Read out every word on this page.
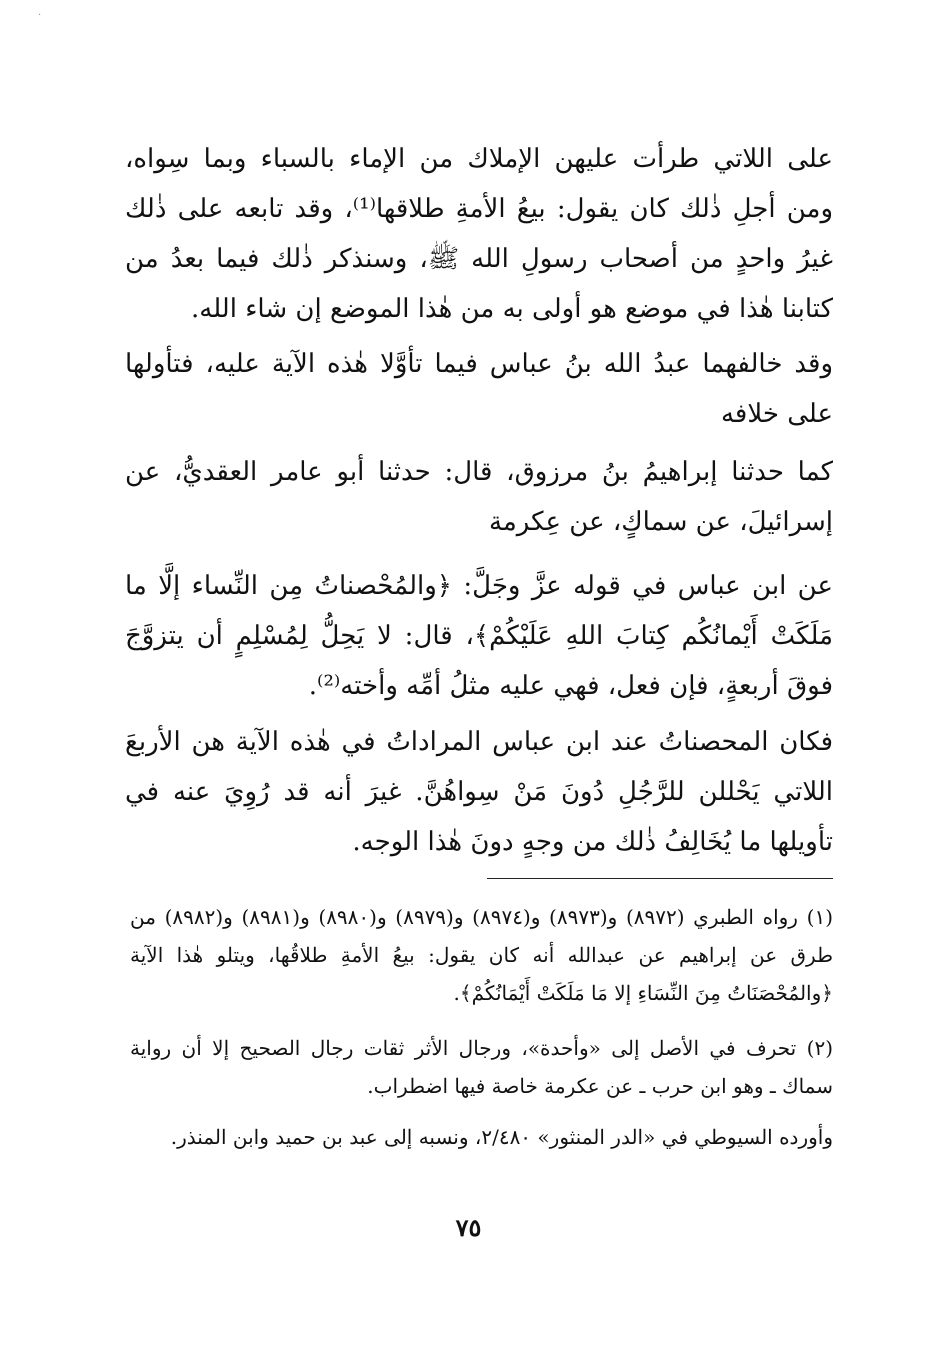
·
على اللاتي طرأت عليهن الإملاك من الإماء بالسباء وبما سِواه، ومن أجلِ ذٰلك كان يقول: بيعُ الأمةِ طلاقها⁽¹⁾، وقد تابعه على ذٰلك غيرُ واحدٍ من أصحاب رسولِ الله ﷺ، وسنذكر ذٰلك فيما بعدُ من كتابنا هٰذا في موضع هو أولى به من هٰذا الموضع إن شاء الله.
وقد خالفهما عبدُ الله بنُ عباس فيما تأوَّلا هٰذه الآية عليه، فتأولها على خلافه
كما حدثنا إبراهيمُ بنُ مرزوق، قال: حدثنا أبو عامر العقديُّ، عن إسرائيلَ، عن سماكٍ، عن عِكرمة
عن ابن عباس في قوله عزَّ وجَلَّ: ﴿والمُحْصناتُ مِن النِّساء إلَّا ما مَلَكَتْ أَيْمانُكُم كِتابَ اللهِ عَلَيْكُمْ﴾، قال: لا يَحِلُّ لِمُسْلِمٍ أن يتزوَّجَ فوقَ أربعةٍ، فإن فعل، فهي عليه مثلُ أمِّه وأخته⁽²⁾.
فكان المحصناتُ عند ابن عباس المراداتُ في هٰذه الآية هن الأربعَ اللاتي يَحْللن للرَّجُلِ دُونَ مَنْ سِواهُنَّ. غيرَ أنه قد رُوِيَ عنه في تأويلها ما يُخَالِفُ ذٰلك من وجهٍ دونَ هٰذا الوجه.
(١) رواه الطبري (٨٩٧٢) و(٨٩٧٣) و(٨٩٧٤) و(٨٩٧٩) و(٨٩٨٠) و(٨٩٨١) و(٨٩٨٢) من طرق عن إبراهيم عن عبدالله أنه كان يقول: بيعُ الأمةِ طلاقُها، ويتلو هٰذا الآية ﴿والمُحْصَنَاتُ مِنَ النِّسَاءِ إلا مَا مَلَكَتْ أَيْمَانُكُمْ﴾.
(٢) تحرف في الأصل إلى «وأحدة»، ورجال الأثر ثقات رجال الصحيح إلا أن رواية سماك ـ وهو ابن حرب ـ عن عكرمة خاصة فيها اضطراب.
وأورده السيوطي في «الدر المنثور» ٢/٤٨٠، ونسبه إلى عبد بن حميد وابن المنذر.
٧٥
